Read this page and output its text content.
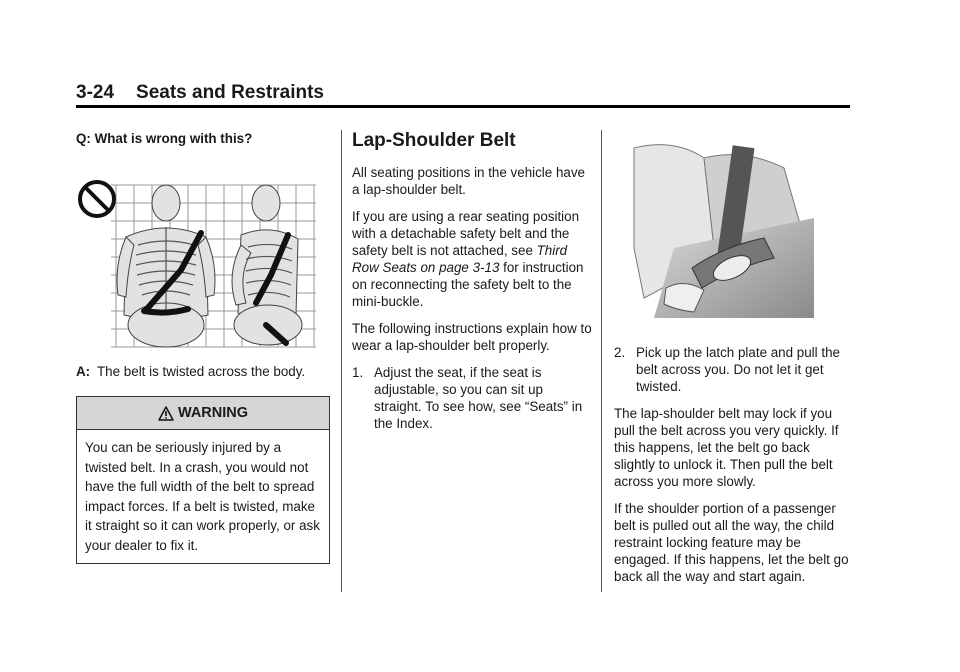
3-24 Seats and Restraints
Q: What is wrong with this?
A: The belt is twisted across the body.
WARNING
You can be seriously injured by a twisted belt. In a crash, you would not have the full width of the belt to spread impact forces. If a belt is twisted, make it straight so it can work properly, or ask your dealer to fix it.
Lap-Shoulder Belt

All seating positions in the vehicle have a lap-shoulder belt.

If you are using a rear seating position with a detachable safety belt and the safety belt is not attached, see Third Row Seats on page 3-13 for instruction on reconnecting the safety belt to the mini-buckle.

The following instructions explain how to wear a lap-shoulder belt properly.

1. Adjust the seat, if the seat is adjustable, so you can sit up straight. To see how, see “Seats” in the Index.
2. Pick up the latch plate and pull the belt across you. Do not let it get twisted.

The lap-shoulder belt may lock if you pull the belt across you very quickly. If this happens, let the belt go back slightly to unlock it. Then pull the belt across you more slowly.

If the shoulder portion of a passenger belt is pulled out all the way, the child restraint locking feature may be engaged. If this happens, let the belt go back all the way and start again.
